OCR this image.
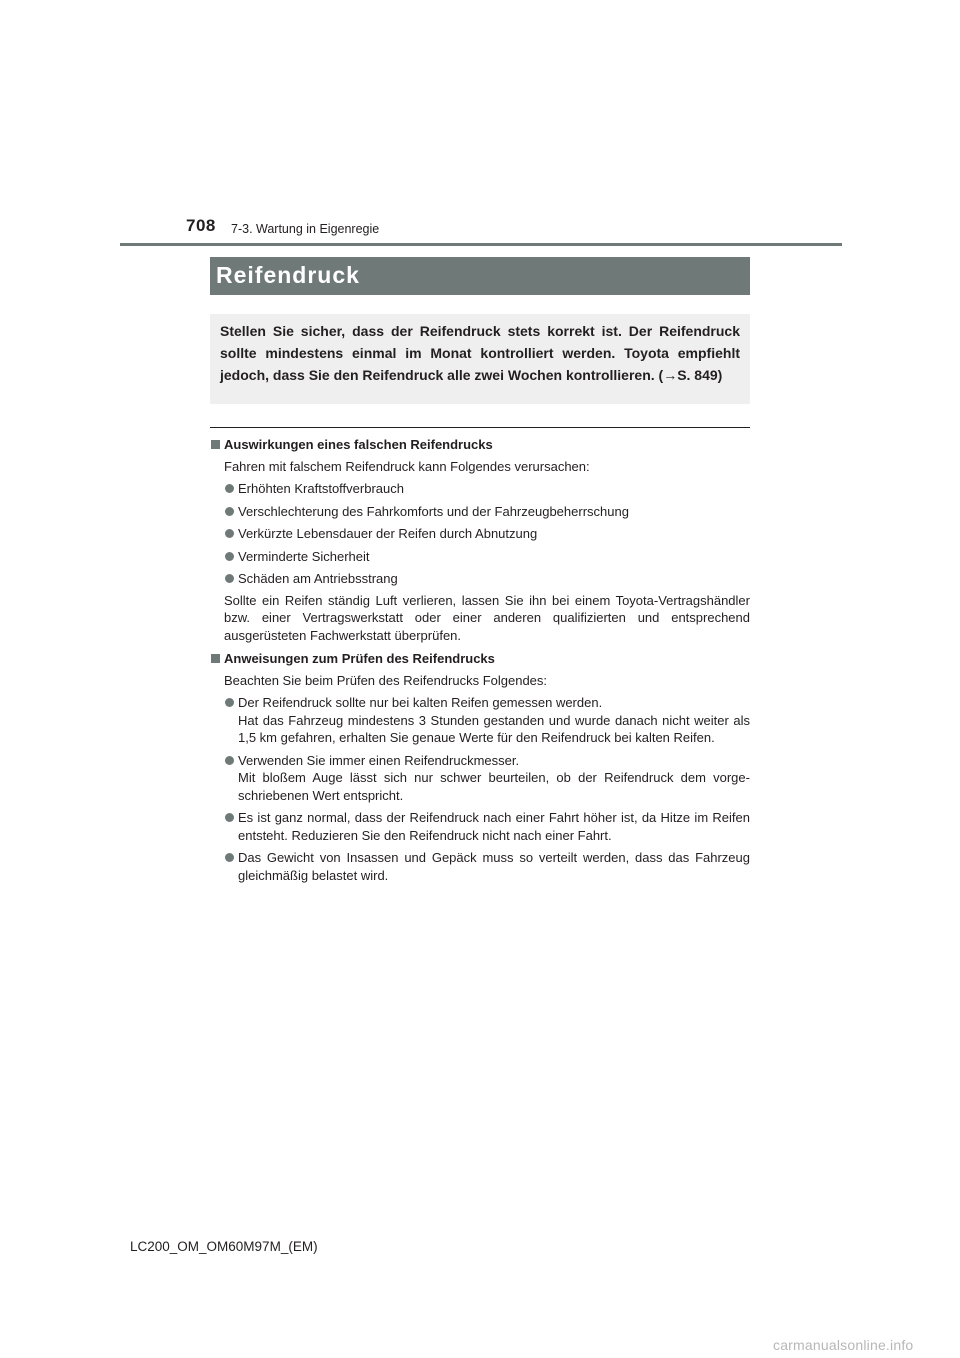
708 7-3. Wartung in Eigenregie
Reifendruck
Stellen Sie sicher, dass der Reifendruck stets korrekt ist. Der Reifendruck sollte mindestens einmal im Monat kontrolliert werden. Toyota empfiehlt jedoch, dass Sie den Reifendruck alle zwei Wochen kontrollieren. (→S. 849)

Auswirkungen eines falschen Reifendrucks

Fahren mit falschem Reifendruck kann Folgendes verursachen:

Erhöhten Kraftstoffverbrauch
Verschlechterung des Fahrkomforts und der Fahrzeugbeherrschung
Verkürzte Lebensdauer der Reifen durch Abnutzung
Verminderte Sicherheit
Schäden am Antriebsstrang

Sollte ein Reifen ständig Luft verlieren, lassen Sie ihn bei einem Toyota-Vertragshändler bzw. einer Vertragswerkstatt oder einer anderen qualifizierten und entsprechend ausgerüsteten Fachwerkstatt überprüfen.

Anweisungen zum Prüfen des Reifendrucks

Beachten Sie beim Prüfen des Reifendrucks Folgendes:

Der Reifendruck sollte nur bei kalten Reifen gemessen werden.
Hat das Fahrzeug mindestens 3 Stunden gestanden und wurde danach nicht weiter als 1,5 km gefahren, erhalten Sie genaue Werte für den Reifendruck bei kalten Reifen.
Verwenden Sie immer einen Reifendruckmesser.
Mit bloßem Auge lässt sich nur schwer beurteilen, ob der Reifendruck dem vorgeschriebenen Wert entspricht.
Es ist ganz normal, dass der Reifendruck nach einer Fahrt höher ist, da Hitze im Reifen entsteht. Reduzieren Sie den Reifendruck nicht nach einer Fahrt.
Das Gewicht von Insassen und Gepäck muss so verteilt werden, dass das Fahrzeug gleichmäßig belastet wird.
LC200_OM_OM60M97M_(EM)
carmanualsonline.info
